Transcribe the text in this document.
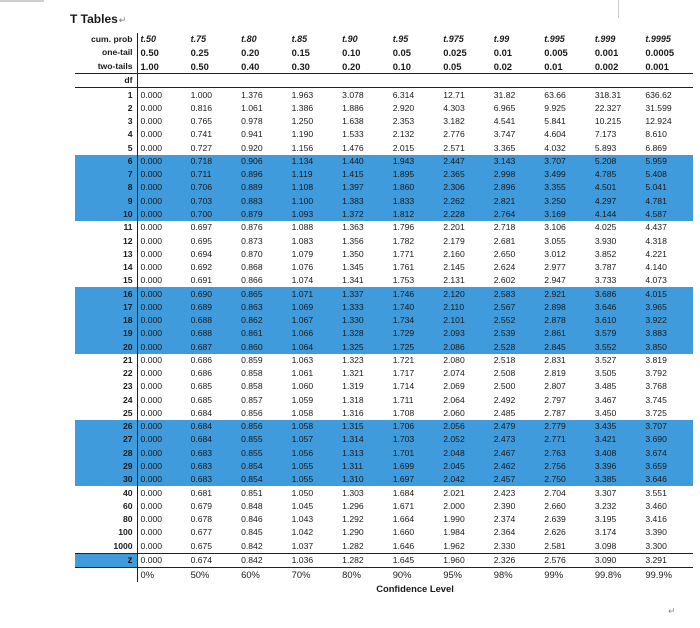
T Tables↵
cum. prob	t.50	t.75	t.80	t.85	t.90	t.95	t.975	t.99	t.995	t.999	t.9995
one-tail	0.50	0.25	0.20	0.15	0.10	0.05	0.025	0.01	0.005	0.001	0.0005
two-tails	1.00	0.50	0.40	0.30	0.20	0.10	0.05	0.02	0.01	0.002	0.001
df											
1	0.000	1.000	1.376	1.963	3.078	6.314	12.71	31.82	63.66	318.31	636.62
2	0.000	0.816	1.061	1.386	1.886	2.920	4.303	6.965	9.925	22.327	31.599
3	0.000	0.765	0.978	1.250	1.638	2.353	3.182	4.541	5.841	10.215	12.924
4	0.000	0.741	0.941	1.190	1.533	2.132	2.776	3.747	4.604	7.173	8.610
5	0.000	0.727	0.920	1.156	1.476	2.015	2.571	3.365	4.032	5.893	6.869
6	0.000	0.718	0.906	1.134	1.440	1.943	2.447	3.143	3.707	5.208	5.959
7	0.000	0.711	0.896	1.119	1.415	1.895	2.365	2.998	3.499	4.785	5.408
8	0.000	0.706	0.889	1.108	1.397	1.860	2.306	2.896	3.355	4.501	5.041
9	0.000	0.703	0.883	1.100	1.383	1.833	2.262	2.821	3.250	4.297	4.781
10	0.000	0.700	0.879	1.093	1.372	1.812	2.228	2.764	3.169	4.144	4.587
11	0.000	0.697	0.876	1.088	1.363	1.796	2.201	2.718	3.106	4.025	4.437
12	0.000	0.695	0.873	1.083	1.356	1.782	2.179	2.681	3.055	3.930	4.318
13	0.000	0.694	0.870	1.079	1.350	1.771	2.160	2.650	3.012	3.852	4.221
14	0.000	0.692	0.868	1.076	1.345	1.761	2.145	2.624	2.977	3.787	4.140
15	0.000	0.691	0.866	1.074	1.341	1.753	2.131	2.602	2.947	3.733	4.073
16	0.000	0.690	0.865	1.071	1.337	1.746	2.120	2.583	2.921	3.686	4.015
17	0.000	0.689	0.863	1.069	1.333	1.740	2.110	2.567	2.898	3.646	3.965
18	0.000	0.688	0.862	1.067	1.330	1.734	2.101	2.552	2.878	3.610	3.922
19	0.000	0.688	0.861	1.066	1.328	1.729	2.093	2.539	2.861	3.579	3.883
20	0.000	0.687	0.860	1.064	1.325	1.725	2.086	2.528	2.845	3.552	3.850
21	0.000	0.686	0.859	1.063	1.323	1.721	2.080	2.518	2.831	3.527	3.819
22	0.000	0.686	0.858	1.061	1.321	1.717	2.074	2.508	2.819	3.505	3.792
23	0.000	0.685	0.858	1.060	1.319	1.714	2.069	2.500	2.807	3.485	3.768
24	0.000	0.685	0.857	1.059	1.318	1.711	2.064	2.492	2.797	3.467	3.745
25	0.000	0.684	0.856	1.058	1.316	1.708	2.060	2.485	2.787	3.450	3.725
26	0.000	0.684	0.856	1.058	1.315	1.706	2.056	2.479	2.779	3.435	3.707
27	0.000	0.684	0.855	1.057	1.314	1.703	2.052	2.473	2.771	3.421	3.690
28	0.000	0.683	0.855	1.056	1.313	1.701	2.048	2.467	2.763	3.408	3.674
29	0.000	0.683	0.854	1.055	1.311	1.699	2.045	2.462	2.756	3.396	3.659
30	0.000	0.683	0.854	1.055	1.310	1.697	2.042	2.457	2.750	3.385	3.646
40	0.000	0.681	0.851	1.050	1.303	1.684	2.021	2.423	2.704	3.307	3.551
60	0.000	0.679	0.848	1.045	1.296	1.671	2.000	2.390	2.660	3.232	3.460
80	0.000	0.678	0.846	1.043	1.292	1.664	1.990	2.374	2.639	3.195	3.416
100	0.000	0.677	0.845	1.042	1.290	1.660	1.984	2.364	2.626	3.174	3.390
1000	0.000	0.675	0.842	1.037	1.282	1.646	1.962	2.330	2.581	3.098	3.300
z	0.000	0.674	0.842	1.036	1.282	1.645	1.960	2.326	2.576	3.090	3.291
	0%	50%	60%	70%	80%	90%	95%	98%	99%	99.8%	99.9%
	Confidence Level										
↵
